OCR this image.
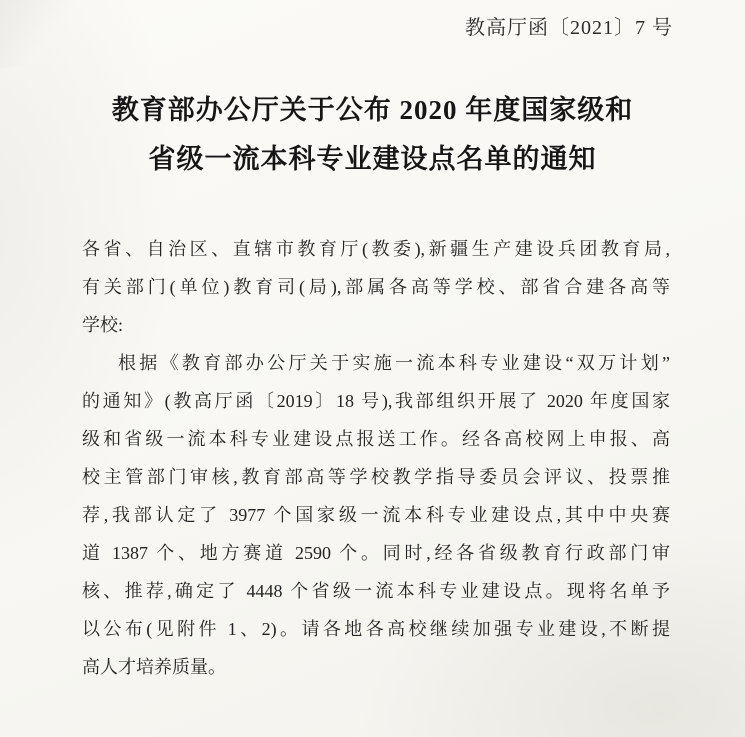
教高厅函〔2021〕7 号
教育部办公厅关于公布 2020 年度国家级和
省级一流本科专业建设点名单的通知
各省、自治区、直辖市教育厅(教委),新疆生产建设兵团教育局,
有关部门(单位)教育司(局),部属各高等学校、部省合建各高等
学校:
根据《教育部办公厅关于实施一流本科专业建设“双万计划”
的通知》(教高厅函〔2019〕18 号),我部组织开展了 2020 年度国家
级和省级一流本科专业建设点报送工作。经各高校网上申报、高
校主管部门审核,教育部高等学校教学指导委员会评议、投票推
荐,我部认定了 3977 个国家级一流本科专业建设点,其中中央赛
道 1387 个、地方赛道 2590 个。同时,经各省级教育行政部门审
核、推荐,确定了 4448 个省级一流本科专业建设点。现将名单予
以公布(见附件 1、2)。请各地各高校继续加强专业建设,不断提
高人才培养质量。
